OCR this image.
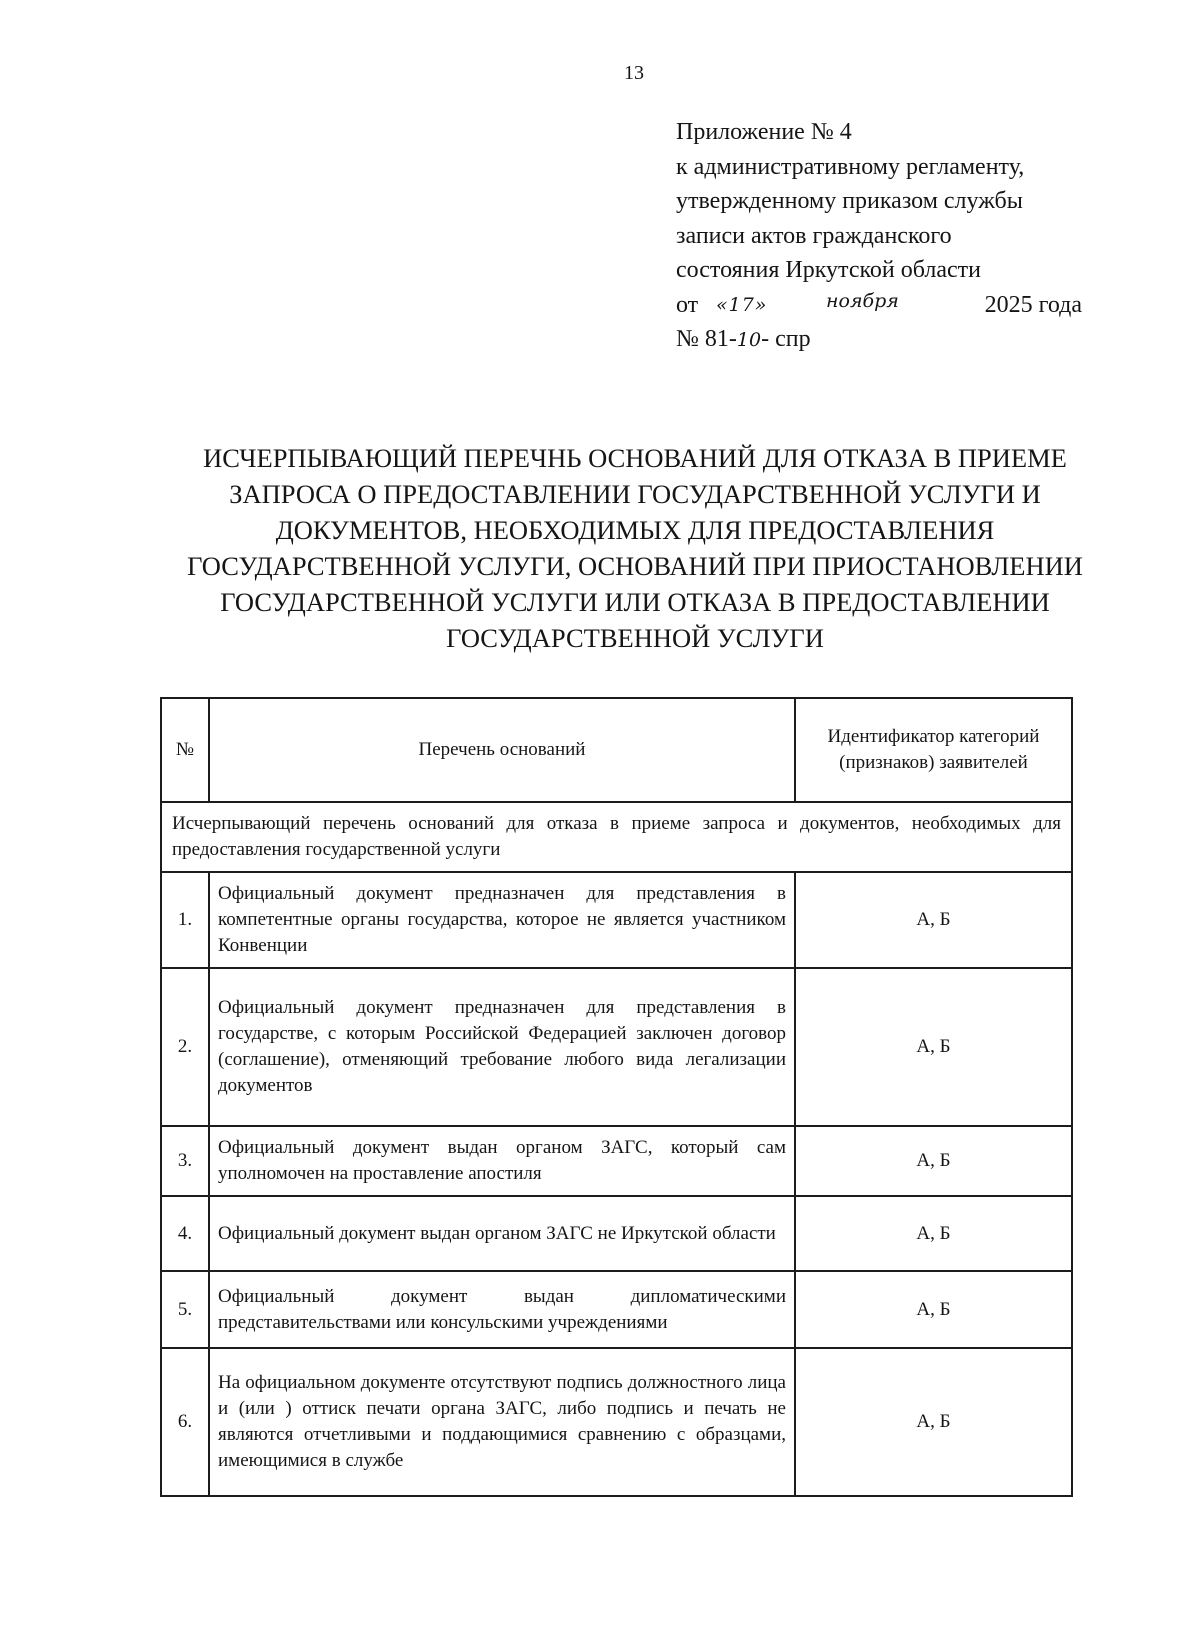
13
Приложение № 4
к административному регламенту,
утвержденному приказом службы
записи актов гражданского
состояния Иркутской области
от «17»	ноября	2025 года
№ 81-10- спр
ИСЧЕРПЫВАЮЩИЙ ПЕРЕЧНЬ ОСНОВАНИЙ ДЛЯ ОТКАЗА В ПРИЕМЕ ЗАПРОСА О ПРЕДОСТАВЛЕНИИ ГОСУДАРСТВЕННОЙ УСЛУГИ И ДОКУМЕНТОВ, НЕОБХОДИМЫХ ДЛЯ ПРЕДОСТАВЛЕНИЯ ГОСУДАРСТВЕННОЙ УСЛУГИ, ОСНОВАНИЙ ПРИ ПРИОСТАНОВЛЕНИИ ГОСУДАРСТВЕННОЙ УСЛУГИ ИЛИ ОТКАЗА В ПРЕДОСТАВЛЕНИИ ГОСУДАРСТВЕННОЙ УСЛУГИ
№	Перечень оснований	Идентификатор категорий (признаков) заявителей
Исчерпывающий перечень оснований для отказа в приеме запроса и документов, необходимых для предоставления государственной услуги		
1.	Официальный документ предназначен для представления в компетентные органы государства, которое не является участником Конвенции	А, Б
2.	Официальный документ предназначен для представления в государстве, с которым Российской Федерацией заключен договор (соглашение), отменяющий требование любого вида легализации документов	А, Б
3.	Официальный документ выдан органом ЗАГС, который сам уполномочен на проставление апостиля	А, Б
4.	Официальный документ выдан органом ЗАГС не Иркутской области	А, Б
5.	Официальный документ выдан дипломатическими представительствами или консульскими учреждениями	А, Б
6.	На официальном документе отсутствуют подпись должностного лица и (или ) оттиск печати органа ЗАГС, либо подпись и печать не являются отчетливыми и поддающимися сравнению с образцами, имеющимися в службе	А, Б
